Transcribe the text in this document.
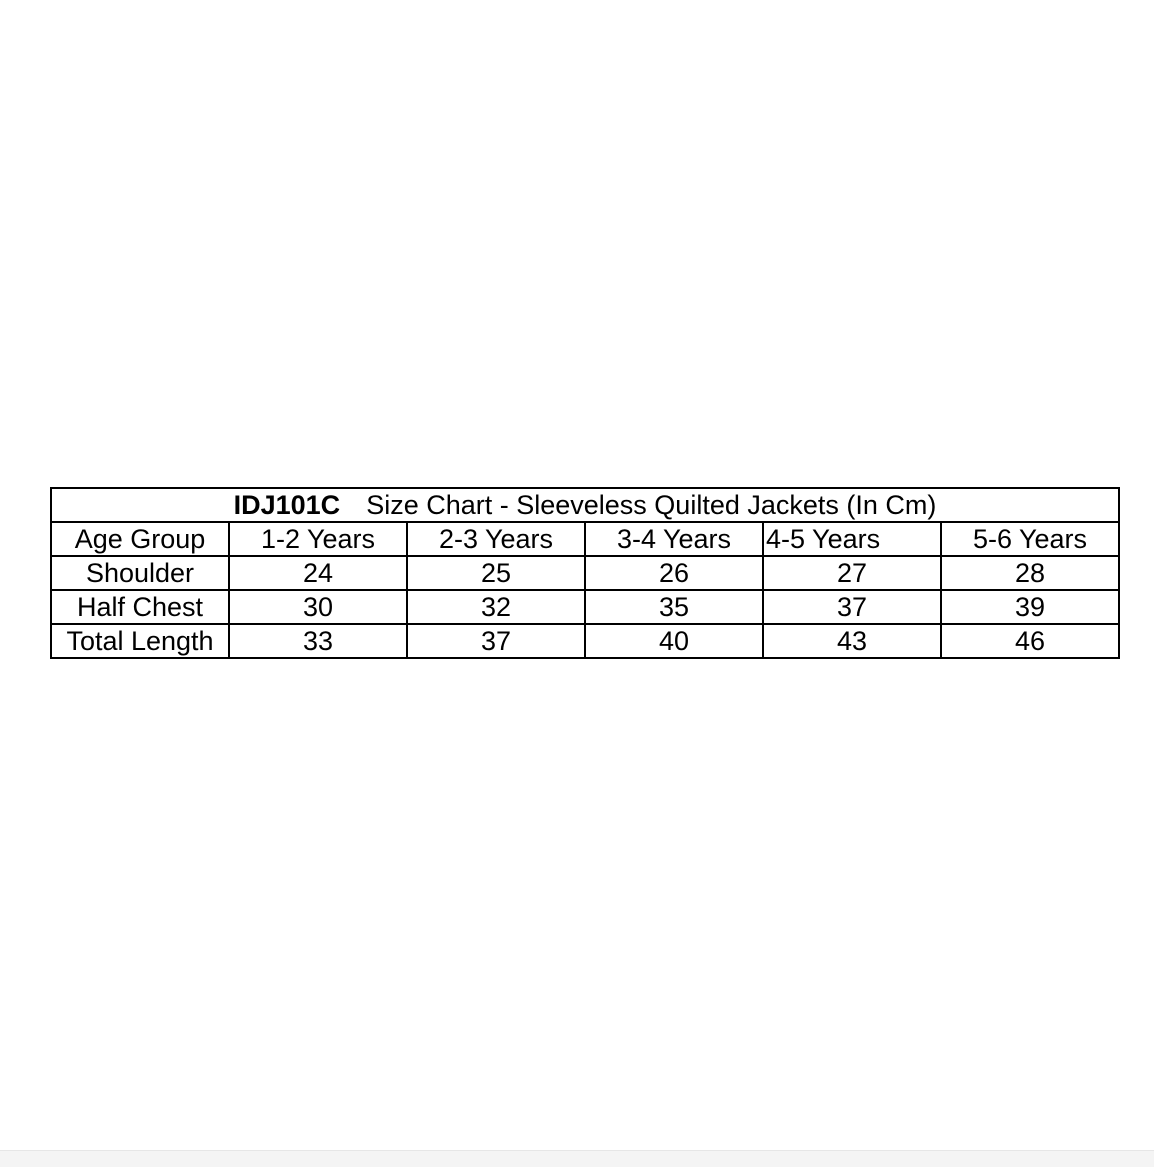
IDJ101C Size Chart - Sleeveless Quilted Jackets (In Cm)					
Age Group	1-2 Years	2-3 Years	3-4 Years	4-5 Years	5-6 Years
Shoulder	24	25	26	27	28
Half Chest	30	32	35	37	39
Total Length	33	37	40	43	46
